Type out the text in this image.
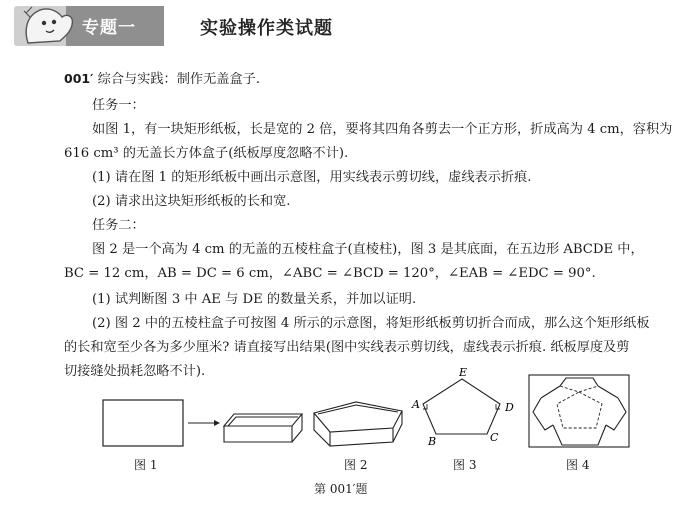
专题一	实验操作类试题
001′ 综合与实践：制作无盖盒子.
任务一：
如图 1，有一块矩形纸板，长是宽的 2 倍，要将其四角各剪去一个正方形，折成高为 4 cm，容积为
616 cm³ 的无盖长方体盒子(纸板厚度忽略不计).
(1) 请在图 1 的矩形纸板中画出示意图，用实线表示剪切线，虚线表示折痕.
(2) 请求出这块矩形纸板的长和宽.
任务二：
图 2 是一个高为 4 cm 的无盖的五棱柱盒子(直棱柱)，图 3 是其底面，在五边形 ABCDE 中，
BC = 12 cm，AB = DC = 6 cm，∠ABC = ∠BCD = 120°，∠EAB = ∠EDC = 90°.
(1) 试判断图 3 中 AE 与 DE 的数量关系，并加以证明.
(2) 图 2 中的五棱柱盒子可按图 4 所示的示意图，将矩形纸板剪切折合而成，那么这个矩形纸板
的长和宽至少各为多少厘米? 请直接写出结果(图中实线表示剪切线，虚线表示折痕. 纸板厚度及剪
切接缝处损耗忽略不计).	E
A	D
B	C
图 1	图 2	图 3	图 4
第 001′题
